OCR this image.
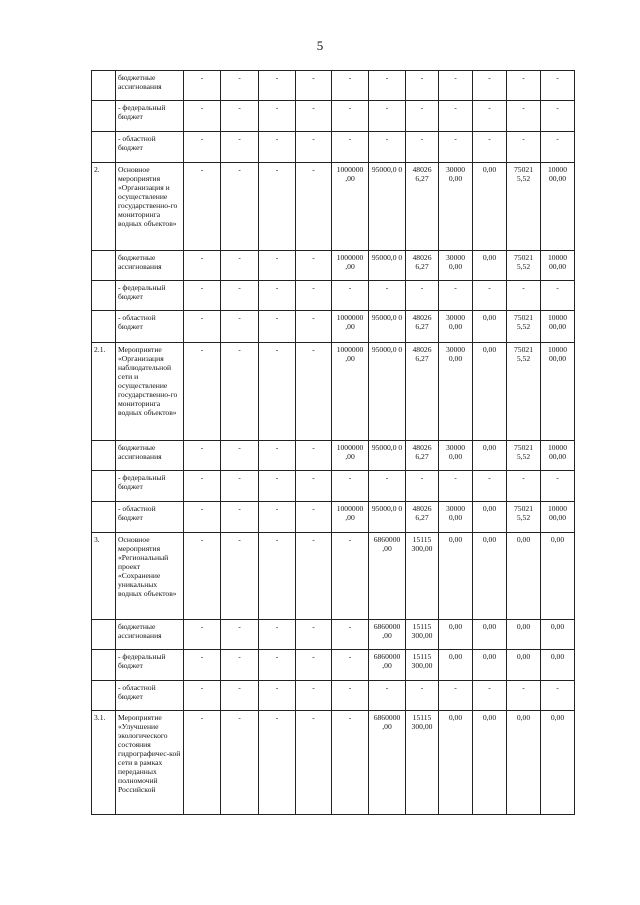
5
	бюджетные ассигнования	-	-	-	-	-	-	-	-	-	-	-
	- федеральный бюджет	-	-	-	-	-	-	-	-	-	-	-
	- областной бюджет	-	-	-	-	-	-	-	-	-	-	-
2.	Основное мероприятия «Организация и осуществление государственно-го мониторинга водных объектов»	-	-	-	-	1000000 ,00	95000,0 0	48026 6,27	30000 0,00	0,00	75021 5,52	10000 00,00
	бюджетные ассигнования	-	-	-	-	1000000 ,00	95000,0 0	48026 6,27	30000 0,00	0,00	75021 5,52	10000 00,00
	- федеральный бюджет	-	-	-	-	-	-	-	-	-	-	-
	- областной бюджет	-	-	-	-	1000000 ,00	95000,0 0	48026 6,27	30000 0,00	0,00	75021 5,52	10000 00,00
2.1.	Мероприятие «Организация наблюдательной сети и осуществление государственно-го мониторинга водных объектов»	-	-	-	-	1000000 ,00	95000,0 0	48026 6,27	30000 0,00	0,00	75021 5,52	10000 00,00
	бюджетные ассигнования	-	-	-	-	1000000 ,00	95000,0 0	48026 6,27	30000 0,00	0,00	75021 5,52	10000 00,00
	- федеральный бюджет	-	-	-	-	-	-	-	-	-	-	-
	- областной бюджет	-	-	-	-	1000000 ,00	95000,0 0	48026 6,27	30000 0,00	0,00	75021 5,52	10000 00,00
3.	Основное мероприятия «Региональный проект «Сохранение уникальных водных объектов»	-	-	-	-	-	6860000 ,00	15115 300,00	0,00	0,00	0,00	0,00
	бюджетные ассигнования	-	-	-	-	-	6860000 ,00	15115 300,00	0,00	0,00	0,00	0,00
	- федеральный бюджет	-	-	-	-	-	6860000 ,00	15115 300,00	0,00	0,00	0,00	0,00
	- областной бюджет	-	-	-	-	-	-	-	-	-	-	-
3.1.	Мероприятие «Улучшение экологического состояния гидрографичес-кой сети в рамках переданных полномочий Российской	-	-	-	-	-	6860000 ,00	15115 300,00	0,00	0,00	0,00	0,00
